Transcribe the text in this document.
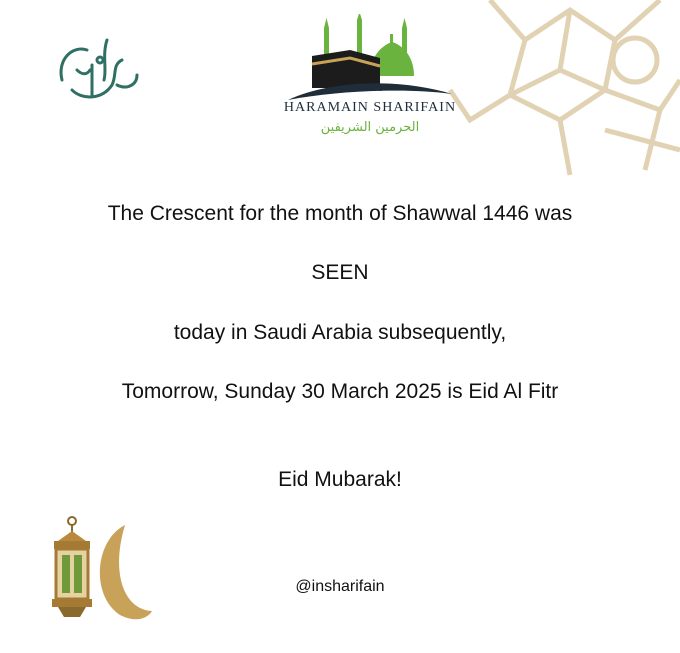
HARAMAIN SHARIFAIN
الحرمين الشريفين
The Crescent for the month of Shawwal 1446 was
SEEN
today in Saudi Arabia subsequently,
Tomorrow, Sunday 30 March 2025 is Eid Al Fitr
Eid Mubarak!
@insharifain
